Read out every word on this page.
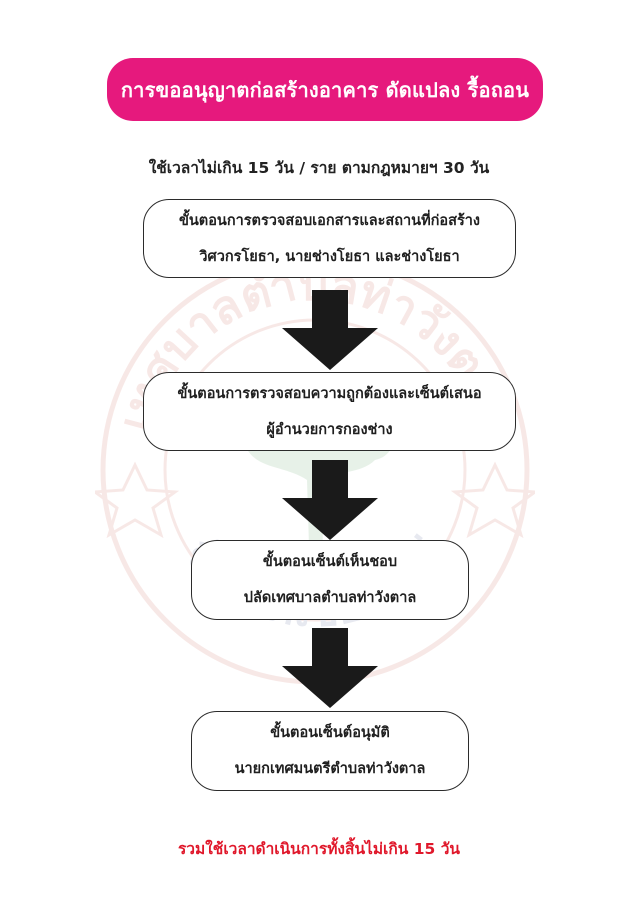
เ ศบาลตำบลท่าวังต
การขออนุญาตก่อสร้างอาคาร ดัดแปลง รื้อถอน
ใช้เวลาไม่เกิน 15 วัน / ราย ตามกฎหมายฯ 30 วัน
ขั้นตอนการตรวจสอบเอกสารและสถานที่ก่อสร้าง
วิศวกรโยธา, นายช่างโยธา และช่างโยธา
ขั้นตอนการตรวจสอบความถูกต้องและเซ็นต์เสนอ
ผู้อำนวยการกองช่าง
ขั้นตอนเซ็นต์เห็นชอบ
ปลัดเทศบาลตำบลท่าวังตาล
ขั้นตอนเซ็นต์อนุมัติ
นายกเทศมนตรีตำบลท่าวังตาล
รวมใช้เวลาดำเนินการทั้งสิ้นไม่เกิน 15 วัน
